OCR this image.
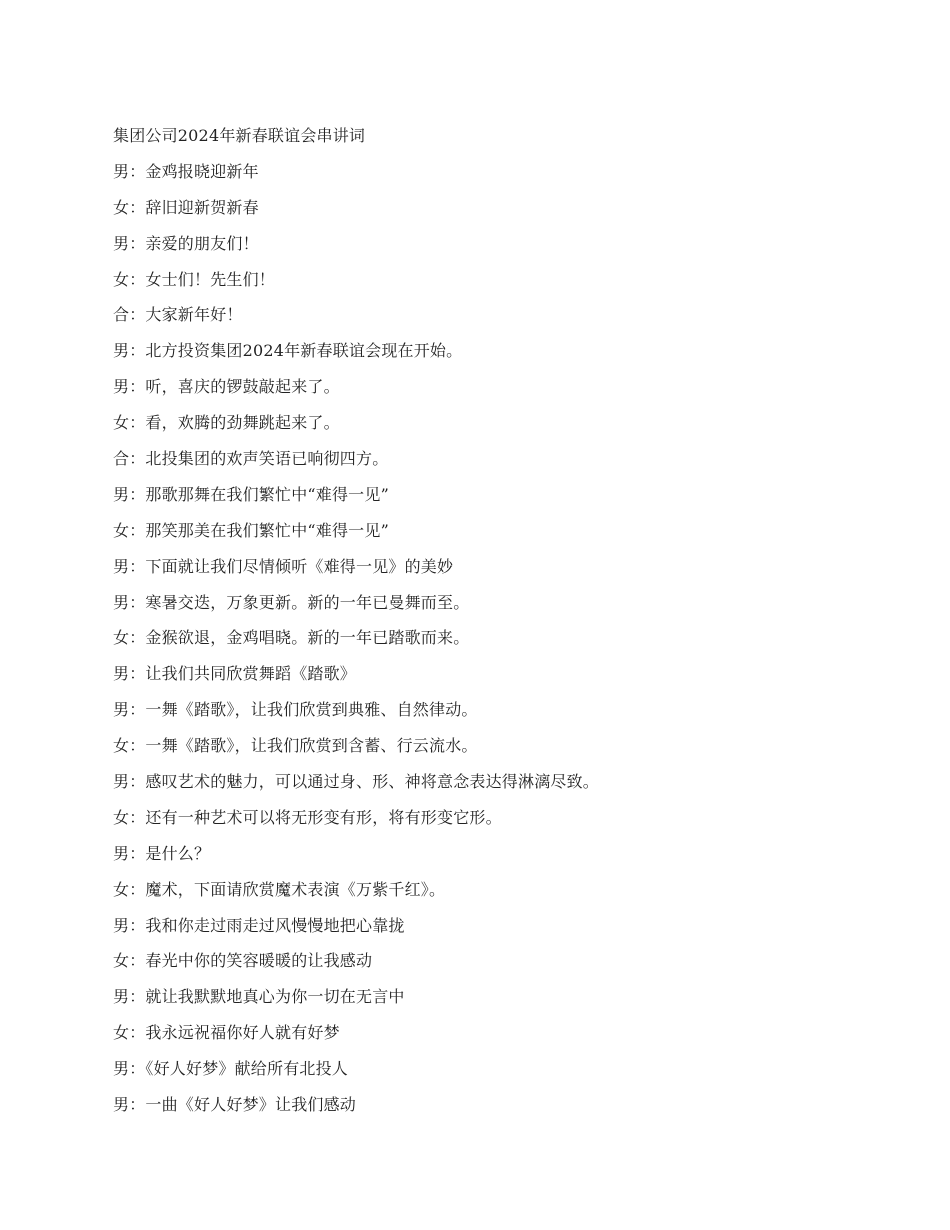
集团公司2024年新春联谊会串讲词
男：金鸡报晓迎新年
女：辞旧迎新贺新春
男：亲爱的朋友们！
女：女士们！先生们！
合：大家新年好！
男：北方投资集团2024年新春联谊会现在开始。
男：听，喜庆的锣鼓敲起来了。
女：看，欢腾的劲舞跳起来了。
合：北投集团的欢声笑语已响彻四方。
男：那歌那舞在我们繁忙中“难得一见”
女：那笑那美在我们繁忙中“难得一见”
男：下面就让我们尽情倾听《难得一见》的美妙
男：寒暑交迭，万象更新。新的一年已曼舞而至。
女：金猴欲退，金鸡唱晓。新的一年已踏歌而来。
男：让我们共同欣赏舞蹈《踏歌》
男：一舞《踏歌》，让我们欣赏到典雅、自然律动。
女：一舞《踏歌》，让我们欣赏到含蓄、行云流水。
男：感叹艺术的魅力，可以通过身、形、神将意念表达得淋漓尽致。
女：还有一种艺术可以将无形变有形，将有形变它形。
男：是什么？
女：魔术，下面请欣赏魔术表演《万紫千红》。
男：我和你走过雨走过风慢慢地把心靠拢
女：春光中你的笑容暖暖的让我感动
男：就让我默默地真心为你一切在无言中
女：我永远祝福你好人就有好梦
男：《好人好梦》献给所有北投人
男：一曲《好人好梦》让我们感动
